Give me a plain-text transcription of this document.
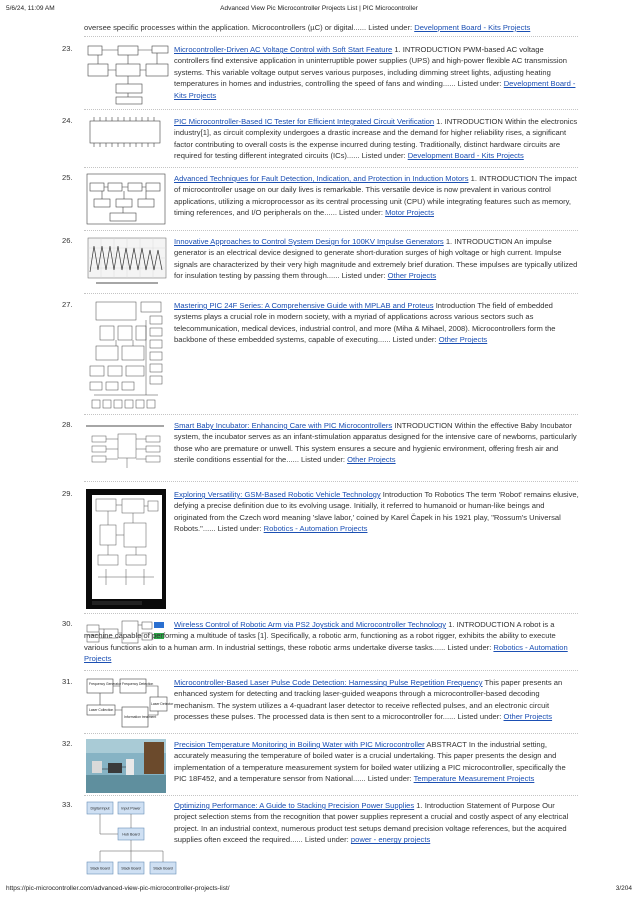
5/6/24, 11:09 AM	Advanced View Pic Microcontroller Projects List | PIC Microcontroller
oversee specific processes within the application. Microcontrollers (µC) or digital...... Listed under: Development Board - Kits Projects
23.	Microcontroller-Driven AC Voltage Control with Soft Start Feature 1. INTRODUCTION PWM-based AC voltage controllers find extensive application in uninterruptible power supplies (UPS) and high-power flexible AC transmission systems. This variable voltage output serves various purposes, including dimming street lights, adjusting heating temperatures in homes and industries, controlling the speed of fans and winding...... Listed under: Development Board - Kits Projects
24.	PIC Microcontroller-Based IC Tester for Efficient Integrated Circuit Verification 1. INTRODUCTION Within the electronics industry[1], as circuit complexity undergoes a drastic increase and the demand for higher reliability rises, a significant factor contributing to overall costs is the expense incurred during testing. Traditionally, distinct hardware circuits are required for testing different integrated circuits (ICs)...... Listed under: Development Board - Kits Projects
25.	Advanced Techniques for Fault Detection, Indication, and Protection in Induction Motors 1. INTRODUCTION The impact of microcontroller usage on our daily lives is remarkable. This versatile device is now prevalent in various control applications, utilizing a microprocessor as its central processing unit (CPU) while integrating features such as memory, timing references, and I/O peripherals on the...... Listed under: Motor Projects
26.	Innovative Approaches to Control System Design for 100KV Impulse Generators 1. INTRODUCTION An impulse generator is an electrical device designed to generate short-duration surges of high voltage or high current. Impulse signals are characterized by their very high magnitude and extremely brief duration. These impulses are typically utilized for insulation testing by passing them through...... Listed under: Other Projects
27.	Mastering PIC 24F Series: A Comprehensive Guide with MPLAB and Proteus Introduction The field of embedded systems plays a crucial role in modern society, with a myriad of applications across various sectors such as telecommunication, medical devices, industrial control, and more (Miha & Mihael, 2008). Microcontrollers form the backbone of these embedded systems, capable of executing...... Listed under: Other Projects
28.	Smart Baby Incubator: Enhancing Care with PIC Microcontrollers INTRODUCTION Within the effective Baby Incubator system, the incubator serves as an infant-stimulation apparatus designed for the intensive care of newborns, particularly those who are premature or unwell. This system ensures a secure and hygienic environment, offering fresh air and sterile conditions essential for the...... Listed under: Other Projects
29.	Exploring Versatility: GSM-Based Robotic Vehicle Technology Introduction To Robotics The term 'Robot' remains elusive, defying a precise definition due to its evolving usage. Initially, it referred to humanoid or human-like beings and originated from the Czech word meaning 'slave labor,' coined by Karel Čapek in his 1921 play, "Rossum's Universal Robots."...... Listed under: Robotics - Automation Projects
30.	Wireless Control of Robotic Arm via PS2 Joystick and Microcontroller Technology 1. INTRODUCTION A robot is a machine capable of performing a multitude of tasks [1]. Specifically, a robotic arm, functioning as a robot rigger, exhibits the ability to execute various functions akin to a human arm. In industrial settings, these robotic arms undertake diverse tasks...... Listed under: Robotics - Automation Projects
31.	Frequency Generator Frequency Detection
Laser Collection
Laser Detector
Information treatment
Microcontroller-Based Laser Pulse Code Detection: Harnessing Pulse Repetition Frequency This paper presents an enhanced system for detecting and tracking laser-guided weapons through a microcontroller-based decoding mechanism. The system utilizes a 4-quadrant laser detector to receive reflected pulses, and an electronic circuit processes these pulses. The processed data is then sent to a microcontroller for...... Listed under: Other Projects
32.	Precision Temperature Monitoring in Boiling Water with PIC Microcontroller ABSTRACT In the industrial setting, accurately measuring the temperature of boiled water is a crucial undertaking. This paper presents the design and implementation of a temperature measurement system for boiled water utilizing a PIC microcontroller, specifically the PIC 18F452, and a temperature sensor from National...... Listed under: Temperature Measurement Projects
33.	Digital Input	Input Power
Hub Board
Stack Board	Stack Board	Stack Board
Optimizing Performance: A Guide to Stacking Precision Power Supplies 1. Introduction Statement of Purpose Our project selection stems from the recognition that power supplies represent a crucial and costly aspect of any electrical project. In an industrial context, numerous product test setups demand precision voltage references, but the acquired supplies often exceed the required...... Listed under: power - energy projects
https://pic-microcontroller.com/advanced-view-pic-microcontroller-projects-list/	3/204
